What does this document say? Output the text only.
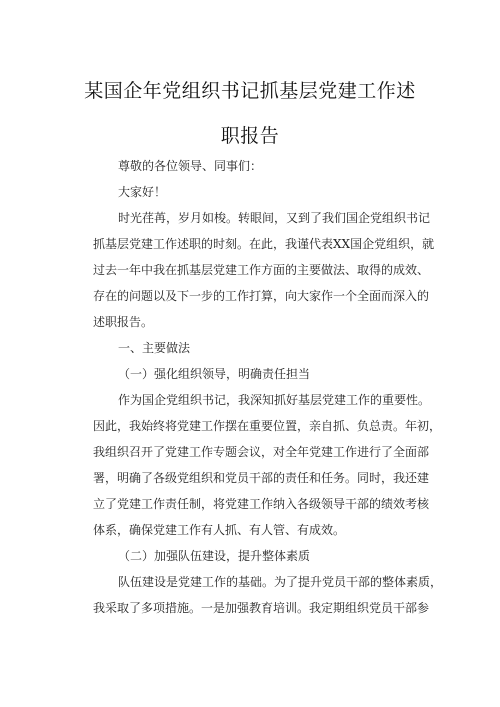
某国企年党组织书记抓基层党建工作述
职报告
尊敬的各位领导、同事们：
大家好！
时光荏苒，岁月如梭。转眼间，又到了我们国企党组织书记
抓基层党建工作述职的时刻。在此，我谨代表XX国企党组织，就
过去一年中我在抓基层党建工作方面的主要做法、取得的成效、
存在的问题以及下一步的工作打算，向大家作一个全面而深入的
述职报告。
一、主要做法
（一）强化组织领导，明确责任担当
作为国企党组织书记，我深知抓好基层党建工作的重要性。
因此，我始终将党建工作摆在重要位置，亲自抓、负总责。年初，
我组织召开了党建工作专题会议，对全年党建工作进行了全面部
署，明确了各级党组织和党员干部的责任和任务。同时，我还建
立了党建工作责任制，将党建工作纳入各级领导干部的绩效考核
体系，确保党建工作有人抓、有人管、有成效。
（二）加强队伍建设，提升整体素质
队伍建设是党建工作的基础。为了提升党员干部的整体素质，
我采取了多项措施。一是加强教育培训。我定期组织党员干部参
